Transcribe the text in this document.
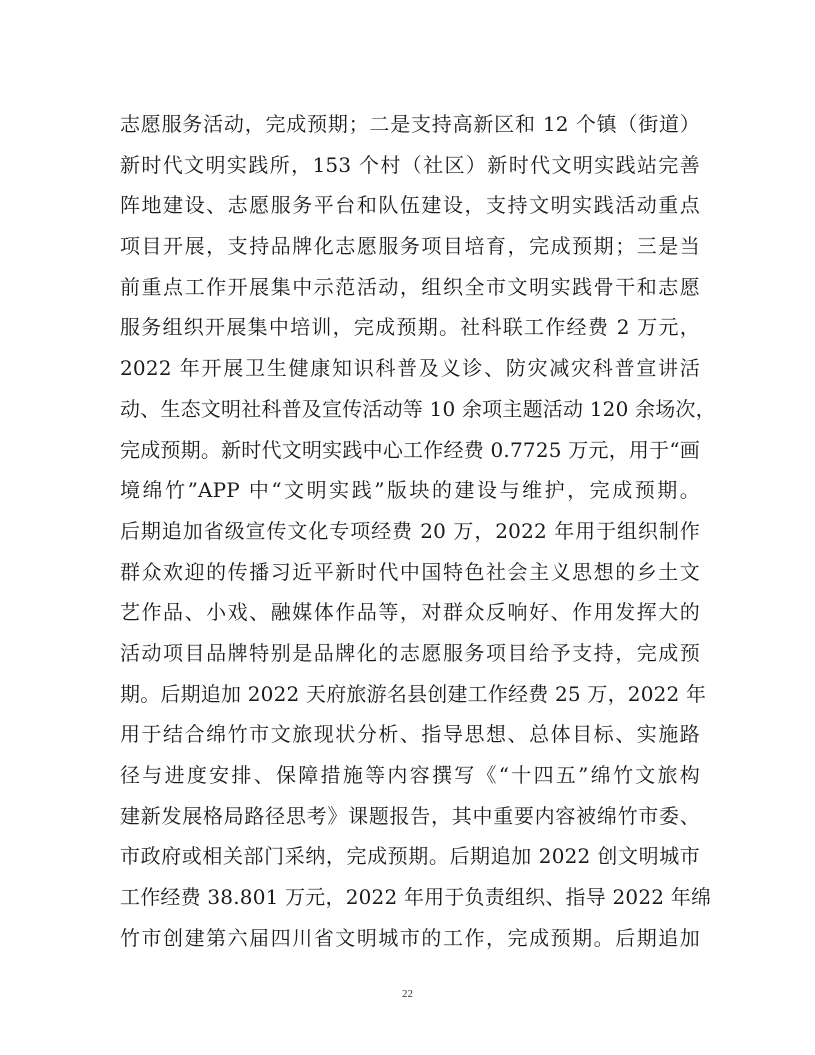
志愿服务活动，完成预期；二是支持高新区和 12 个镇（街道）
新时代文明实践所，153 个村（社区）新时代文明实践站完善
阵地建设、志愿服务平台和队伍建设，支持文明实践活动重点
项目开展，支持品牌化志愿服务项目培育，完成预期；三是当
前重点工作开展集中示范活动，组织全市文明实践骨干和志愿
服务组织开展集中培训，完成预期。社科联工作经费 2 万元，
2022 年开展卫生健康知识科普及义诊、防灾减灾科普宣讲活
动、生态文明社科普及宣传活动等 10 余项主题活动 120 余场次，
完成预期。新时代文明实践中心工作经费 0.7725 万元，用于“画
境绵竹”APP 中“文明实践”版块的建设与维护，完成预期。
后期追加省级宣传文化专项经费 20 万，2022 年用于组织制作
群众欢迎的传播习近平新时代中国特色社会主义思想的乡土文
艺作品、小戏、融媒体作品等，对群众反响好、作用发挥大的
活动项目品牌特别是品牌化的志愿服务项目给予支持，完成预
期。后期追加 2022 天府旅游名县创建工作经费 25 万，2022 年
用于结合绵竹市文旅现状分析、指导思想、总体目标、实施路
径与进度安排、保障措施等内容撰写《“十四五”绵竹文旅构
建新发展格局路径思考》课题报告，其中重要内容被绵竹市委、
市政府或相关部门采纳，完成预期。后期追加 2022 创文明城市
工作经费 38.801 万元，2022 年用于负责组织、指导 2022 年绵
竹市创建第六届四川省文明城市的工作，完成预期。后期追加
22
